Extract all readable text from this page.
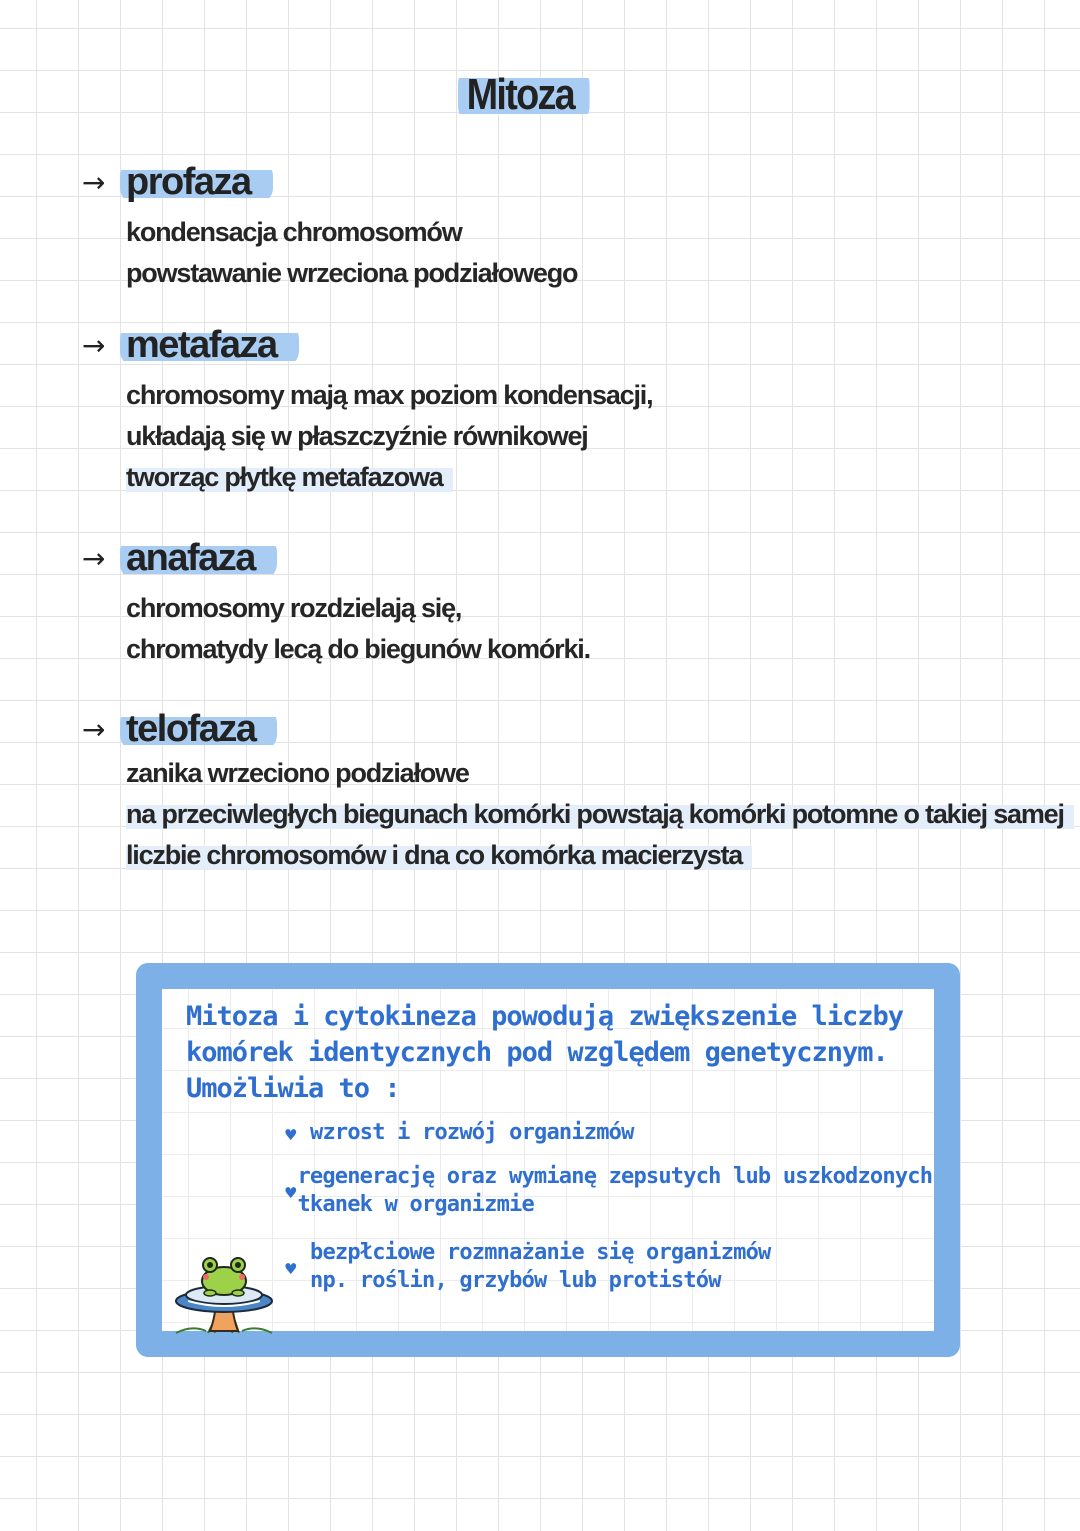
Mitoza
→ profaza
kondensacja chromosomów
powstawanie wrzeciona podziałowego
→ metafaza
chromosomy mają max poziom kondensacji,
układają się w płaszczyźnie równikowej
tworząc płytkę metafazowa
→ anafaza
chromosomy rozdzielają się,
chromatydy lecą do biegunów komórki.
→ telofaza
zanika wrzeciono podziałowe
na przeciwległych biegunach komórki powstają komórki potomne o takiej samej
liczbie chromosomów i dna co komórka macierzysta
Mitoza i cytokineza powodują zwiększenie liczby
komórek identycznych pod względem genetycznym.
Umożliwia to :
♥ wzrost i rozwój organizmów
♥
regenerację oraz wymianę zepsutych lub uszkodzonych
tkanek w organizmie
♥
bezpłciowe rozmnażanie się organizmów
np. roślin, grzybów lub protistów
